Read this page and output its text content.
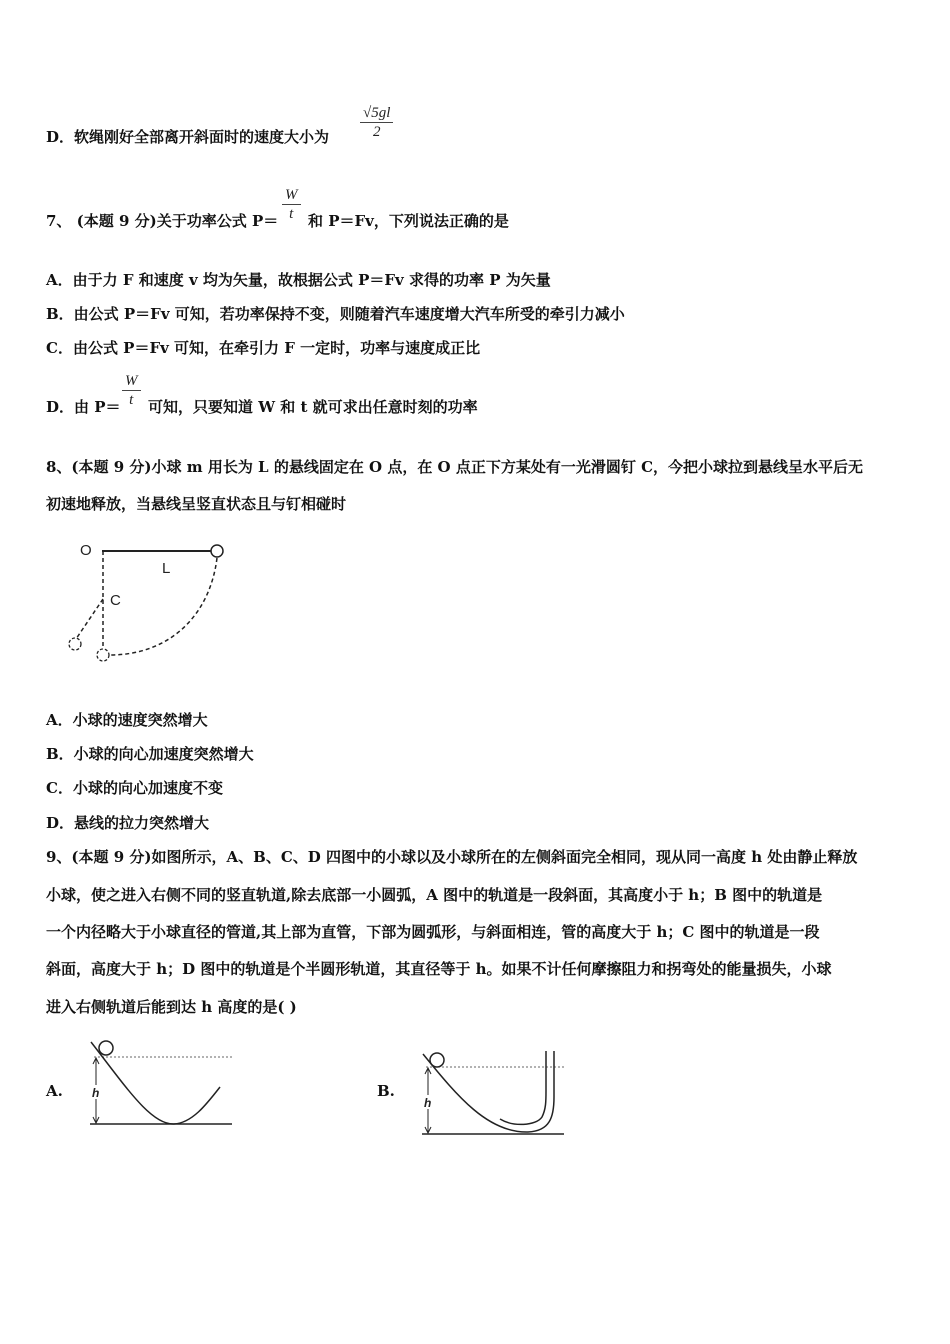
D．软绳刚好全部离开斜面时的速度大小为 $\frac{√5gl}{2}$
7、 (本题 9 分)关于功率公式 $P= \frac{W}{t}$ 和 P＝Fv，下列说法正确的是
A．由于力 F 和速度 v 均为矢量，故根据公式 P＝Fv 求得的功率 P 为矢量
B．由公式 P＝Fv 可知，若功率保持不变，则随着汽车速度增大汽车所受的牵引力减小
C．由公式 P＝Fv 可知，在牵引力 F 一定时，功率与速度成正比
D．由 $P= \frac{W}{t}$ 可知，只要知道 W 和 t 就可求出任意时刻的功率
8、(本题 9 分)小球 m 用长为 L 的悬线固定在 O 点，在 O 点正下方某处有一光滑圆钉 C，今把小球拉到悬线呈水平后无
初速地释放，当悬线呈竖直状态且与钉相碰时
O
L
C
A．小球的速度突然增大
B．小球的向心加速度突然增大
C．小球的向心加速度不变
D．悬线的拉力突然增大
9、(本题 9 分)如图所示，A、B、C、D 四图中的小球以及小球所在的左侧斜面完全相同，现从同一高度 h 处由静止释放
小球，使之进入右侧不同的竖直轨道,除去底部一小圆弧，A 图中的轨道是一段斜面，其高度小于 h；B 图中的轨道是
一个内径略大于小球直径的管道,其上部为直管，下部为圆弧形，与斜面相连，管的高度大于 h；C 图中的轨道是一段
斜面，高度大于 h；D 图中的轨道是个半圆形轨道，其直径等于 h。如果不计任何摩擦阻力和拐弯处的能量损失，小球
进入右侧轨道后能到达 h 高度的是( )
A.	B.
h
h
